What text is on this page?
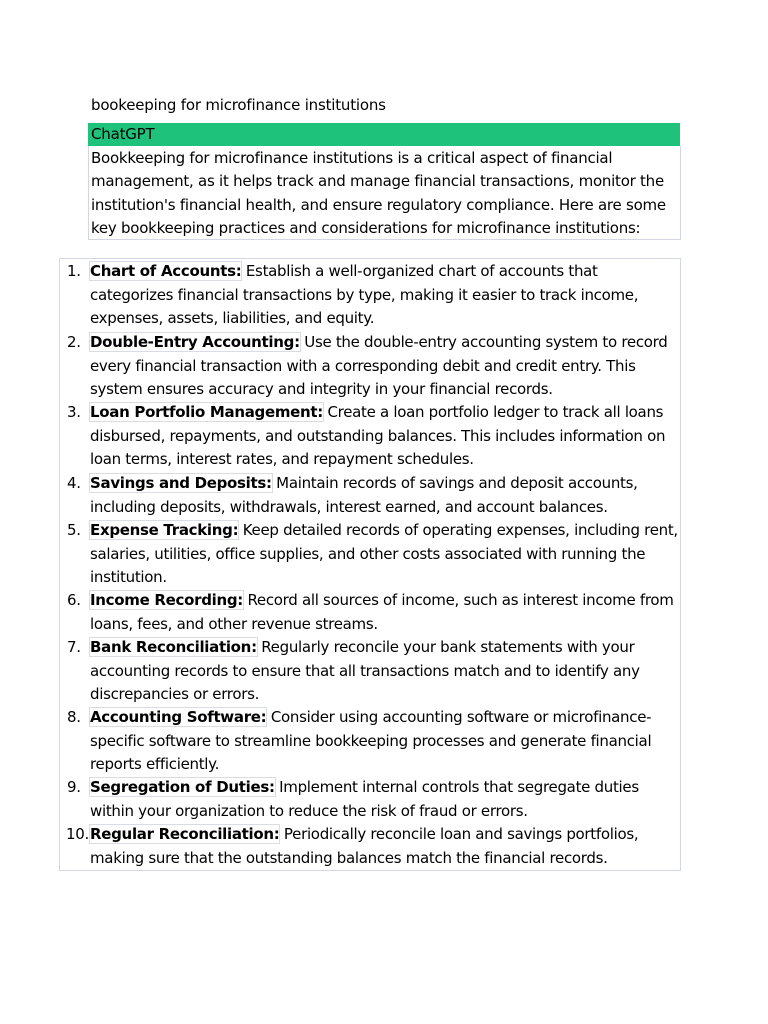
bookeeping for microfinance institutions
ChatGPT

Bookkeeping for microfinance institutions is a critical aspect of financial management, as it helps track and manage financial transactions, monitor the institution's financial health, and ensure regulatory compliance. Here are some key bookkeeping practices and considerations for microfinance institutions:

1. Chart of Accounts: Establish a well-organized chart of accounts that categorizes financial transactions by type, making it easier to track income, expenses, assets, liabilities, and equity.
2. Double-Entry Accounting: Use the double-entry accounting system to record every financial transaction with a corresponding debit and credit entry. This system ensures accuracy and integrity in your financial records.
3. Loan Portfolio Management: Create a loan portfolio ledger to track all loans disbursed, repayments, and outstanding balances. This includes information on loan terms, interest rates, and repayment schedules.
4. Savings and Deposits: Maintain records of savings and deposit accounts, including deposits, withdrawals, interest earned, and account balances.
5. Expense Tracking: Keep detailed records of operating expenses, including rent, salaries, utilities, office supplies, and other costs associated with running the institution.
6. Income Recording: Record all sources of income, such as interest income from loans, fees, and other revenue streams.
7. Bank Reconciliation: Regularly reconcile your bank statements with your accounting records to ensure that all transactions match and to identify any discrepancies or errors.
8. Accounting Software: Consider using accounting software or microfinance-specific software to streamline bookkeeping processes and generate financial reports efficiently.
9. Segregation of Duties: Implement internal controls that segregate duties within your organization to reduce the risk of fraud or errors.
10. Regular Reconciliation: Periodically reconcile loan and savings portfolios, making sure that the outstanding balances match the financial records.
